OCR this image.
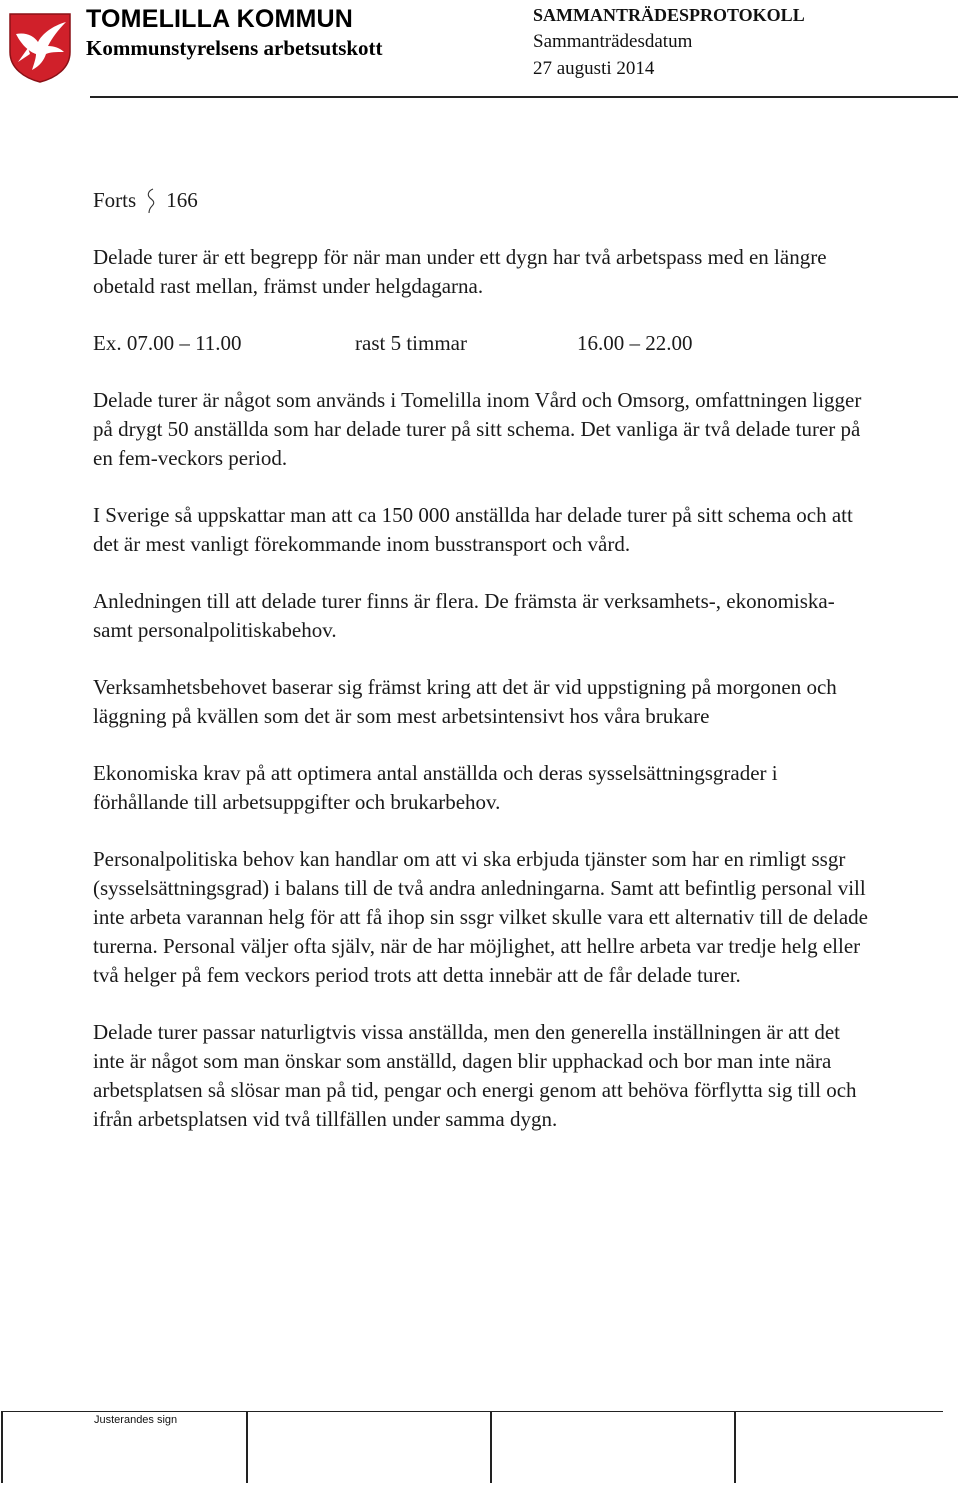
TOMELILLA KOMMUN
Kommunstyrelsens arbetsutskott
SAMMANTRÄDESPROTOKOLL
Sammanträdesdatum
27 augusti 2014

Forts 166

Delade turer är ett begrepp för när man under ett dygn har två arbetspass med en längre obetald rast mellan, främst under helgdagarna.

Ex. 07.00 – 11.00	rast 5 timmar	16.00 – 22.00

Delade turer är något som används i Tomelilla inom Vård och Omsorg, omfattningen ligger på drygt 50 anställda som har delade turer på sitt schema. Det vanliga är två delade turer på en fem-veckors period.

I Sverige så uppskattar man att ca 150 000 anställda har delade turer på sitt schema och att det är mest vanligt förekommande inom busstransport och vård.

Anledningen till att delade turer finns är flera. De främsta är verksamhets-, ekonomiska- samt personalpolitiskabehov.

Verksamhetsbehovet baserar sig främst kring att det är vid uppstigning på morgonen och läggning på kvällen som det är som mest arbetsintensivt hos våra brukare

Ekonomiska krav på att optimera antal anställda och deras sysselsättningsgrader i förhållande till arbetsuppgifter och brukarbehov.

Personalpolitiska behov kan handlar om att vi ska erbjuda tjänster som har en rimligt ssgr (sysselsättningsgrad) i balans till de två andra anledningarna. Samt att befintlig personal vill inte arbeta varannan helg för att få ihop sin ssgr vilket skulle vara ett alternativ till de delade turerna. Personal väljer ofta själv, när de har möjlighet, att hellre arbeta var tredje helg eller två helger på fem veckors period trots att detta innebär att de får delade turer.

Delade turer passar naturligtvis vissa anställda, men den generella inställningen är att det inte är något som man önskar som anställd, dagen blir upphackad och bor man inte nära arbetsplatsen så slösar man på tid, pengar och energi genom att behöva förflytta sig till och ifrån arbetsplatsen vid två tillfällen under samma dygn.

Justerandes sign
